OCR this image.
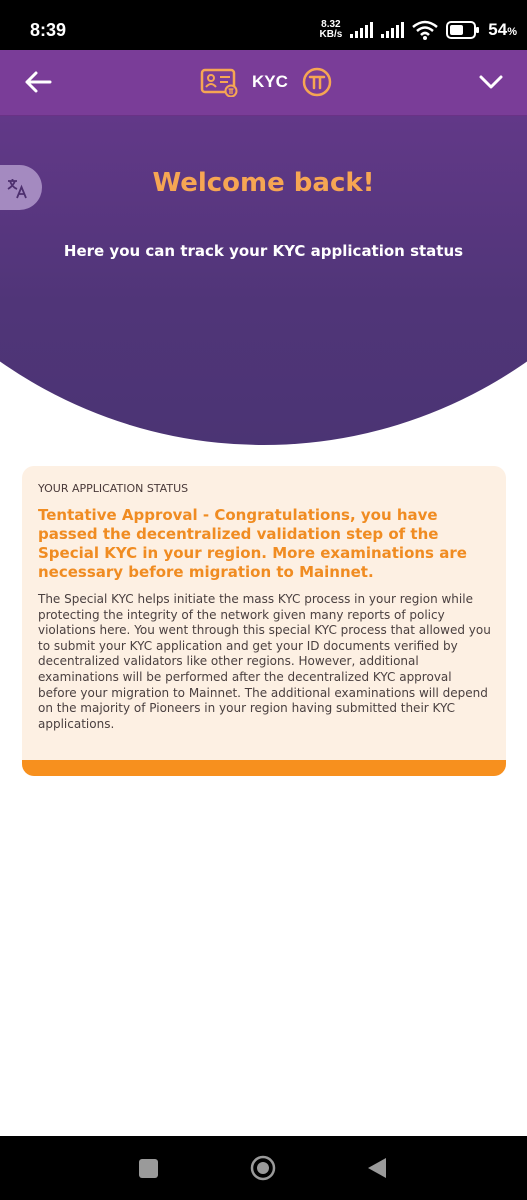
8:39	8.32
KB/s	54%
KYC
Welcome back!
Here you can track your KYC application status
YOUR APPLICATION STATUS
Tentative Approval - Congratulations, you have passed the decentralized validation step of the Special KYC in your region. More examinations are necessary before migration to Mainnet.
The Special KYC helps initiate the mass KYC process in your region while protecting the integrity of the network given many reports of policy violations here. You went through this special KYC process that allowed you to submit your KYC application and get your ID documents verified by decentralized validators like other regions. However, additional examinations will be performed after the decentralized KYC approval before your migration to Mainnet. The additional examinations will depend on the majority of Pioneers in your region having submitted their KYC applications.
